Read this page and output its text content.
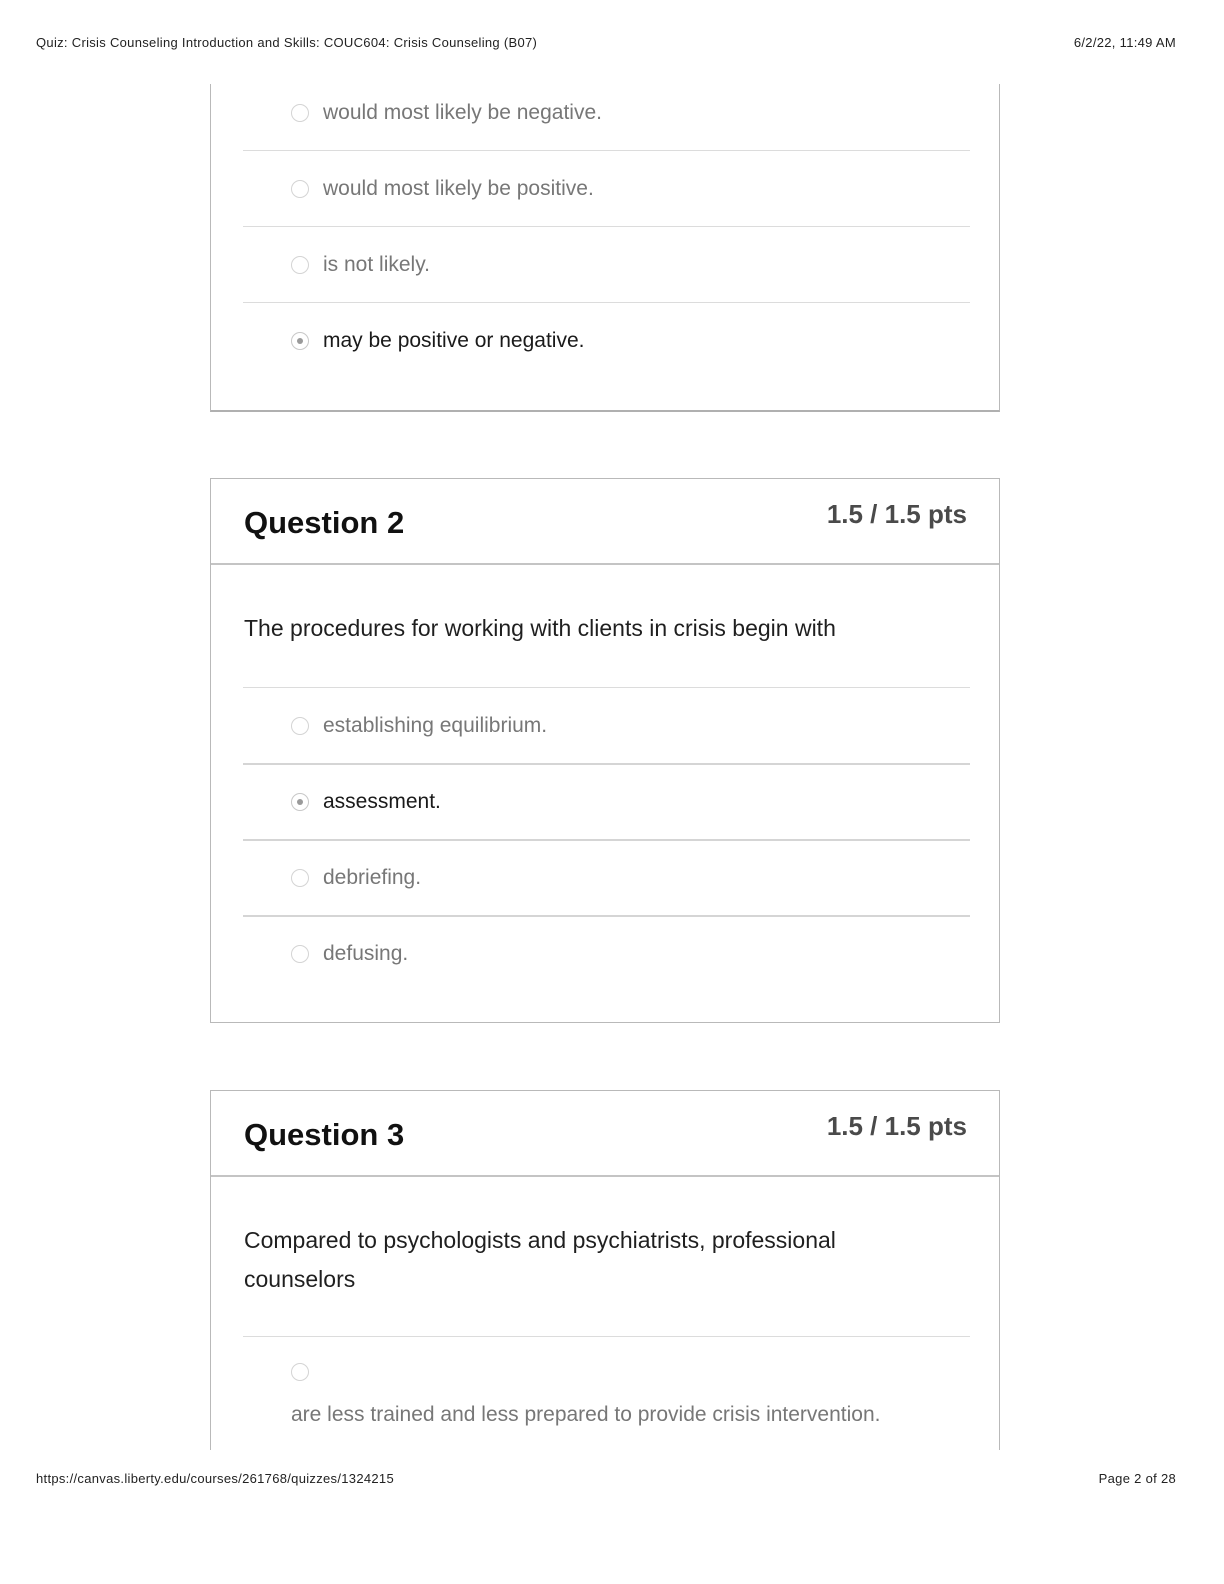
Quiz: Crisis Counseling Introduction and Skills: COUC604: Crisis Counseling (B07)	6/2/22, 11:49 AM
would most likely be negative.
would most likely be positive.
is not likely.
may be positive or negative.
Question 2	1.5 / 1.5 pts
The procedures for working with clients in crisis begin with
establishing equilibrium.
assessment.
debriefing.
defusing.
Question 3	1.5 / 1.5 pts
Compared to psychologists and psychiatrists, professional
counselors
are less trained and less prepared to provide crisis intervention.
https://canvas.liberty.edu/courses/261768/quizzes/1324215	Page 2 of 28
